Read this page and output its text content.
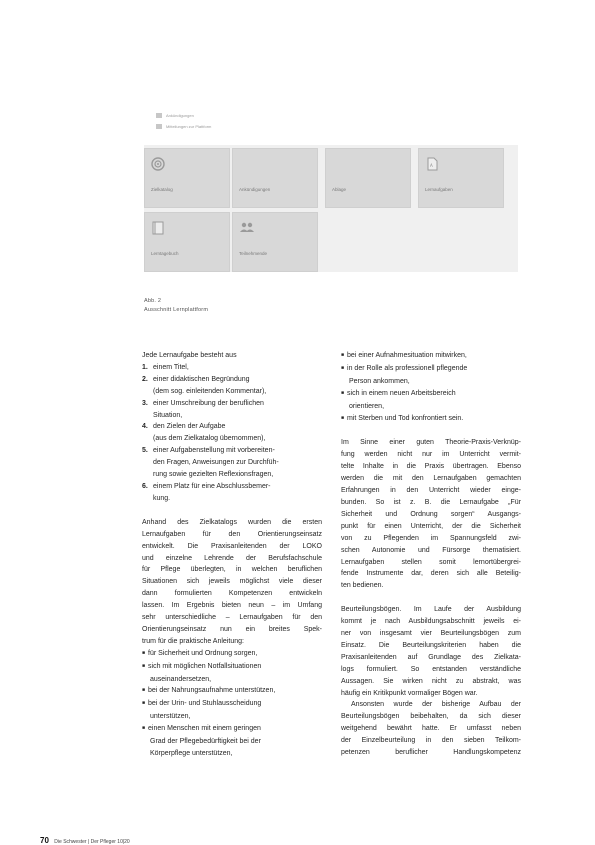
Ankündigungen
Mitteilungen zur Plattform
Zielkatalog	Ankündigungen	Ablage
A
Lernaufgaben
Lerntagebuch	Teilnehmende
Abb. 2
Ausschnitt Lernplattform

Jede Lernaufgabe besteht aus

1. einem Titel,
2. einer didaktischen Begründung
(dem sog. einleitenden Kommentar),
3. einer Umschreibung der beruflichen
Situation,
4. den Zielen der Aufgabe
(aus dem Zielkatalog übernommen),
5. einer Aufgabenstellung mit vorbereiten-
den Fragen, Anweisungen zur Durchfüh-
rung sowie gezielten Reflexionsfragen,
6. einem Platz für eine Abschlussbemer-
kung.
Anhand des Zielkatalogs wurden die ersten
Lernaufgaben für den Orientierungseinsatz
entwickelt. Die Praxisanleitenden der LOKO
und einzelne Lehrende der Berufsfachschule
für Pflege überlegten, in welchen beruflichen
Situationen sich jeweils möglichst viele dieser
dann formulierten Kompetenzen entwickeln
lassen. Im Ergebnis bieten neun – im Umfang
sehr unterschiedliche – Lernaufgaben für den
Orientierungseinsatz nun ein breites Spek-
trum für die praktische Anleitung:
■ für Sicherheit und Ordnung sorgen,
■ sich mit möglichen Notfallsituationen
auseinandersetzen,
■ bei der Nahrungsaufnahme unterstützen,
■ bei der Urin- und Stuhlausscheidung
unterstützen,
■ einen Menschen mit einem geringen
Grad der Pflegebedürftigkeit bei der
Körperpflege unterstützen,
■ bei einer Aufnahmesituation mitwirken,
■ in der Rolle als professionell pflegende
Person ankommen,
■ sich in einem neuen Arbeitsbereich
orientieren,
■ mit Sterben und Tod konfrontiert sein.
Im Sinne einer guten Theorie-Praxis-Verknüp-
fung werden nicht nur im Unterricht vermit-
telte Inhalte in die Praxis übertragen. Ebenso
werden die mit den Lernaufgaben gemachten
Erfahrungen in den Unterricht wieder einge-
bunden. So ist z. B. die Lernaufgabe „Für
Sicherheit und Ordnung sorgen“ Ausgangs-
punkt für einen Unterricht, der die Sicherheit
von zu Pflegenden im Spannungsfeld zwi-
schen Autonomie und Fürsorge thematisiert.
Lernaufgaben stellen somit lernortübergrei-
fende Instrumente dar, deren sich alle Beteilig-
ten bedienen.
Beurteilungsbögen. Im Laufe der Ausbildung
kommt je nach Ausbildungsabschnitt jeweils ei-
ner von insgesamt vier Beurteilungsbögen zum
Einsatz. Die Beurteilungskriterien haben die
Praxisanleitenden auf Grundlage des Zielkata-
logs formuliert. So entstanden verständliche
Aussagen. Sie wirken nicht zu abstrakt, was
häufig ein Kritikpunkt vormaliger Bögen war.
Ansonsten wurde der bisherige Aufbau der
Beurteilungsbögen beibehalten, da sich dieser
weitgehend bewährt hatte. Er umfasst neben
der Einzelbeurteilung in den sieben Teilkom-
petenzen beruflicher Handlungskompetenz
70 Die Schwester | Der Pfleger 10|20
